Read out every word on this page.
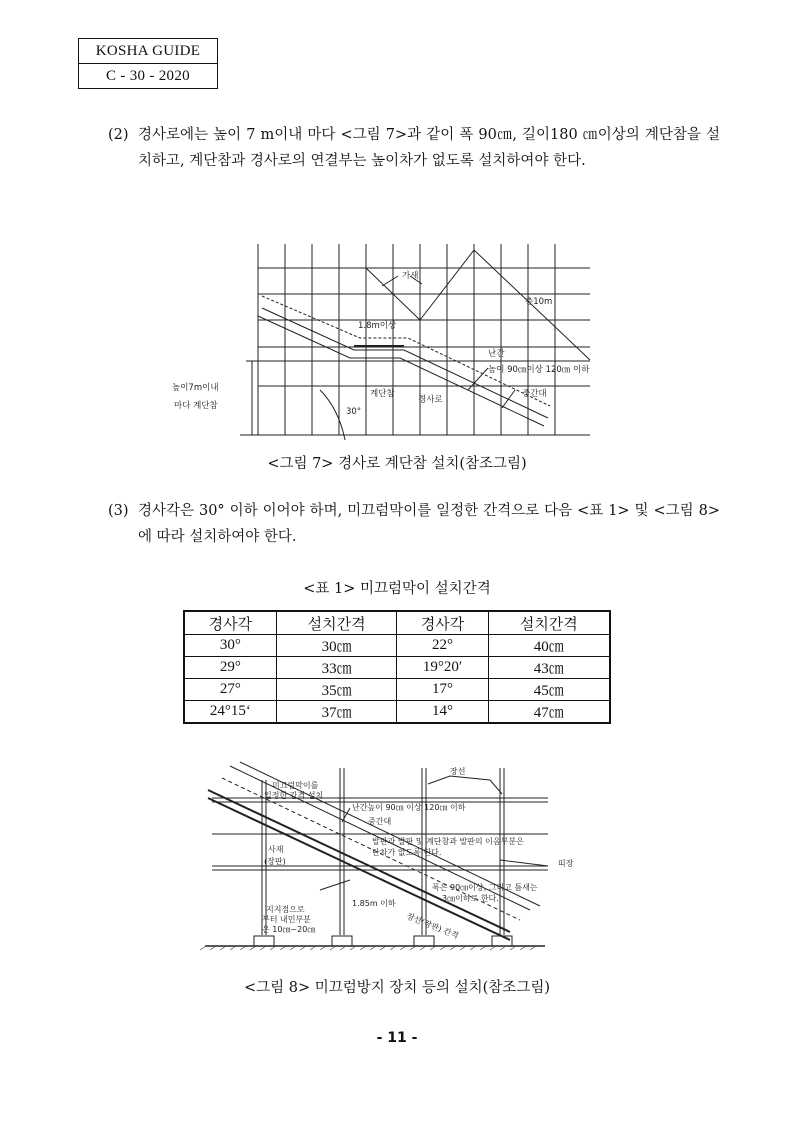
KOSHA GUIDE
C - 30 - 2020
(2) 경사로에는 높이 7 m이내 마다 <그림 7>과 같이 폭 90㎝, 길이180 ㎝이상의 계단참을 설치하고, 계단참과 경사로의 연결부는 높이차가 없도록 설치하여야 한다.
가새
층10m
1.8m이상
난간
높이 90㎝이상 120㎝ 이하
중간대
계단참
경사로
30°
높이7m이내
마다 계단참
<그림 7> 경사로 계단참 설치(참조그림)
(3) 경사각은 30° 이하 이어야 하며, 미끄럼막이를 일정한 간격으로 다음 <표 1> 및 <그림 8>에 따라 설치하여야 한다.
<표 1> 미끄럼막이 설치간격
경사각	설치간격	경사각	설치간격
30°	30㎝	22°	40㎝
29°	33㎝	19°20′	43㎝
27°	35㎝	17°	45㎝
24°15‘	37㎝	14°	47㎝
장선
미끄럼막이를
일정한 간격 설치
난간높이 90㎝ 이상 120㎝ 이하
중간대
발판과 발판 및 계단참과 발판의 이음부분은
단차가 없도록 한다.
띠장
사재
(장판)
폭은 90㎝이상, 그리고 틈새는
3㎝이하로 한다.
1.85m 이하
지지점으로
부터 내민부분
은 10㎝~20㎝	장선(장판) 간격
<그림 8> 미끄럼방지 장치 등의 설치(참조그림)
- 11 -
